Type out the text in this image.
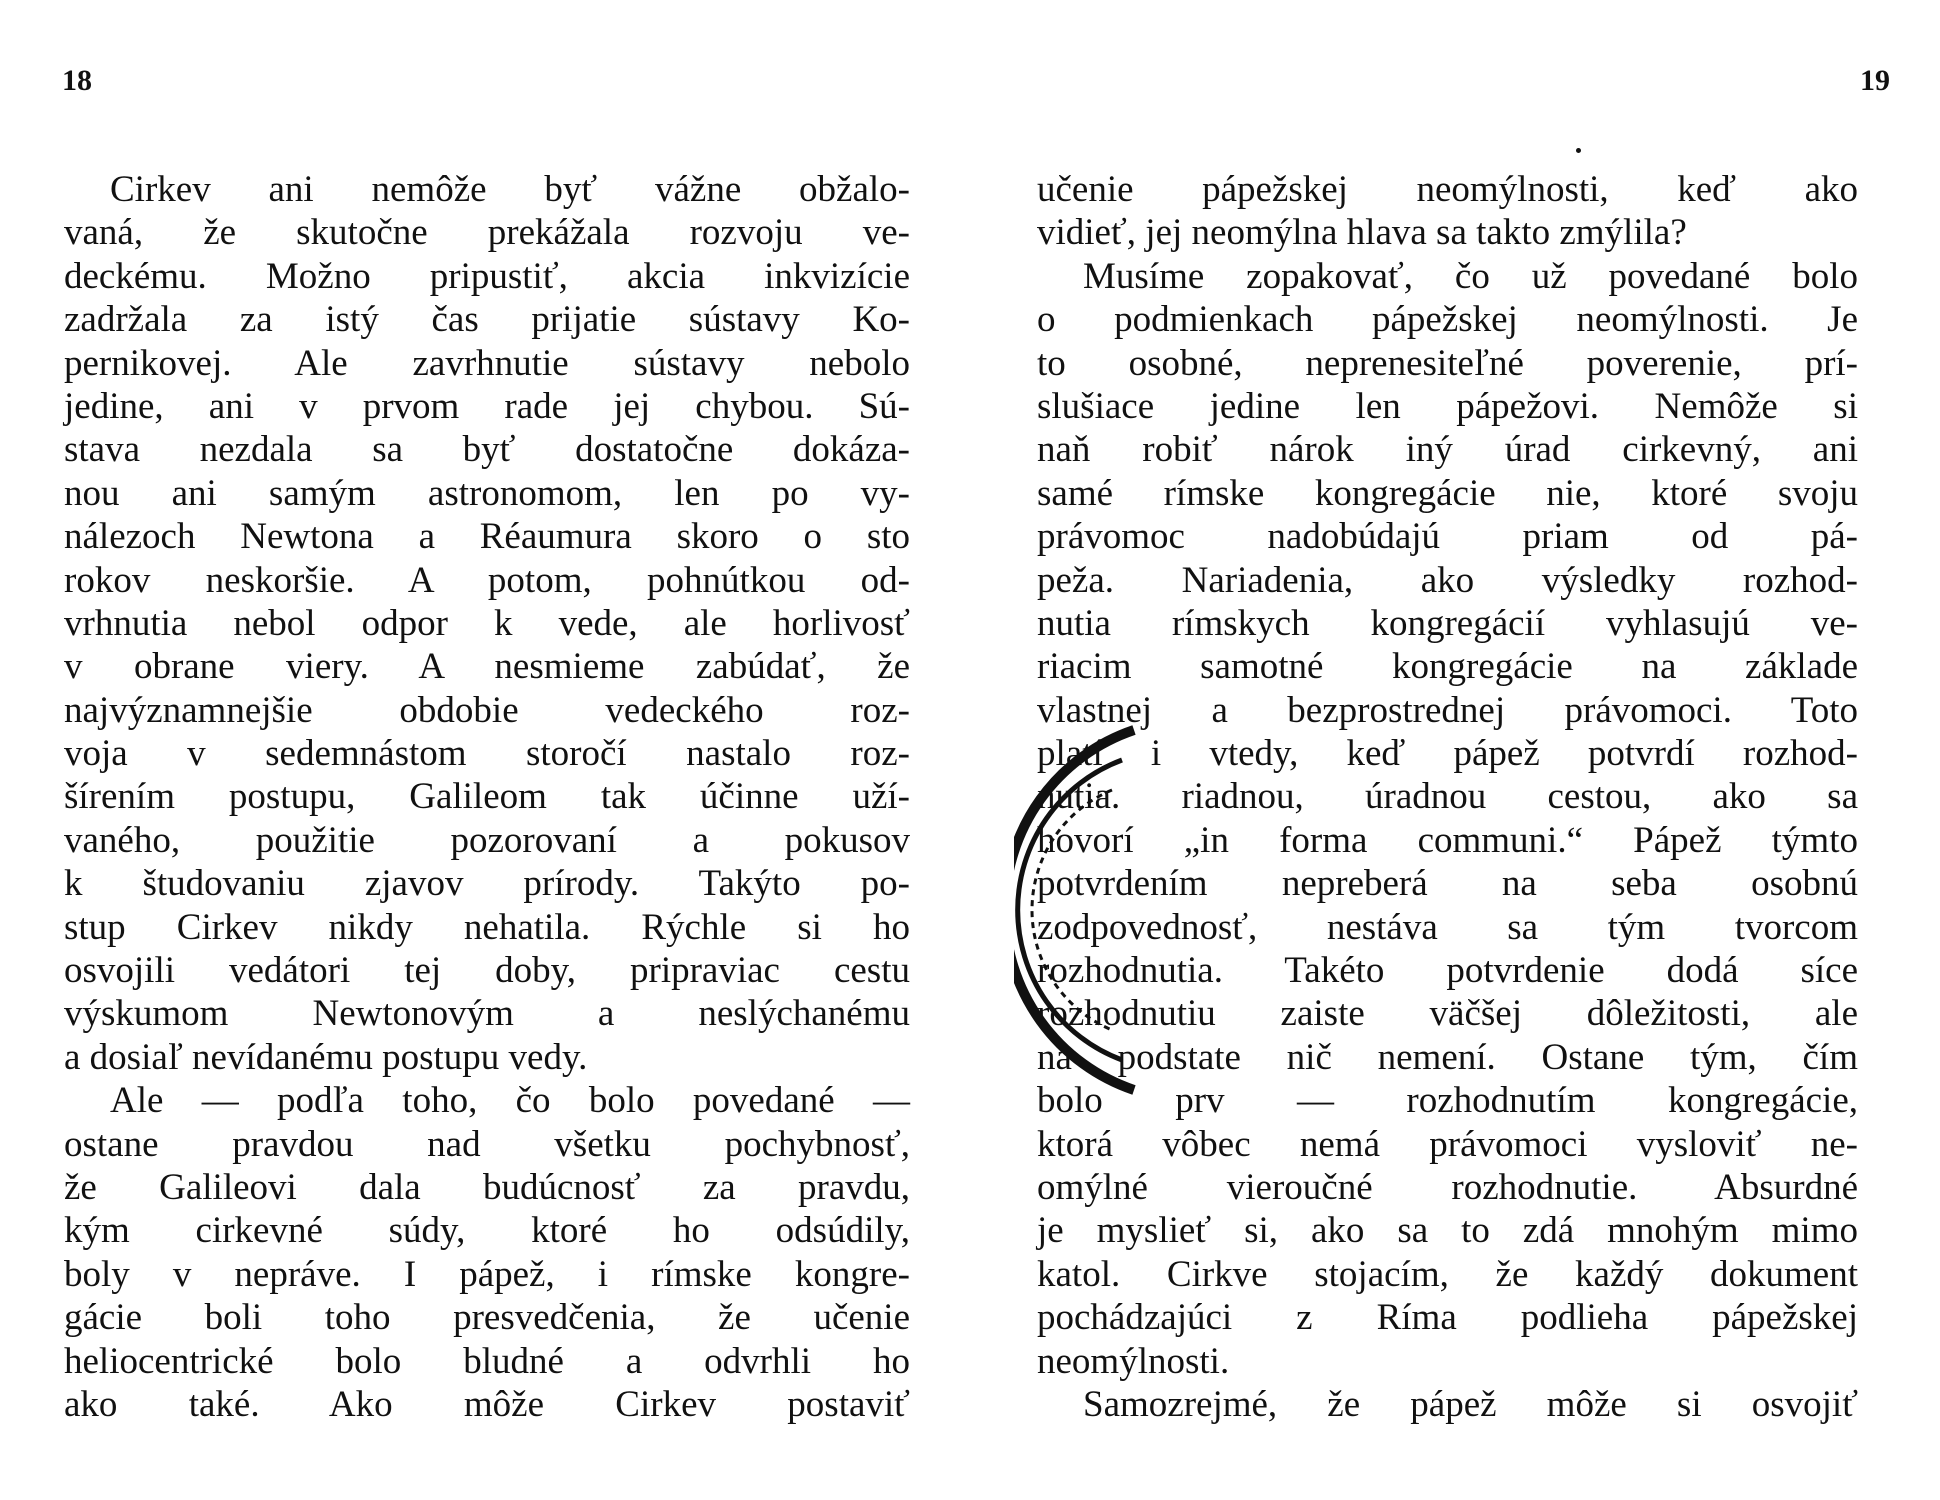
18
Cirkev ani nemôže byť vážne obžalo-
vaná, že skutočne prekážala rozvoju ve-
deckému. Možno pripustiť, akcia inkvizície
zadržala za istý čas prijatie sústavy Ko-
pernikovej. Ale zavrhnutie sústavy nebolo
jedine, ani v prvom rade jej chybou. Sú-
stava nezdala sa byť dostatočne dokáza-
nou ani samým astronomom, len po vy-
nálezoch Newtona a Réaumura skoro o sto
rokov neskoršie. A potom, pohnútkou od-
vrhnutia nebol odpor k vede, ale horlivosť
v obrane viery. A nesmieme zabúdať, že
najvýznamnejšie obdobie vedeckého roz-
voja v sedemnástom storočí nastalo roz-
šírením postupu, Galileom tak účinne uží-
vaného, použitie pozorovaní a pokusov
k študovaniu zjavov prírody. Takýto po-
stup Cirkev nikdy nehatila. Rýchle si ho
osvojili vedátori tej doby, pripraviac cestu
výskumom Newtonovým a neslýchanému
a dosiaľ nevídanému postupu vedy.
Ale — podľa toho, čo bolo povedané —
ostane pravdou nad všetku pochybnosť,
že Galileovi dala budúcnosť za pravdu,
kým cirkevné súdy, ktoré ho odsúdily,
boly v nepráve. I pápež, i rímske kongre-
gácie boli toho presvedčenia, že učenie
heliocentrické bolo bludné a odvrhli ho
ako také. Ako môže Cirkev postaviť
19
učenie pápežskej neomýlnosti, keď ako
vidieť, jej neomýlna hlava sa takto zmýlila?
Musíme zopakovať, čo už povedané bolo
o podmienkach pápežskej neomýlnosti. Je
to osobné, neprenesiteľné poverenie, prí-
slušiace jedine len pápežovi. Nemôže si
naň robiť nárok iný úrad cirkevný, ani
samé rímske kongregácie nie, ktoré svoju
právomoc nadobúdajú priam od pá-
peža. Nariadenia, ako výsledky rozhod-
nutia rímskych kongregácií vyhlasujú ve-
riacim samotné kongregácie na základe
vlastnej a bezprostrednej právomoci. Toto
platí i vtedy, keď pápež potvrdí rozhod-
nutia. riadnou, úradnou cestou, ako sa
hovorí „in forma communi.“ Pápež týmto
potvrdením nepreberá na seba osobnú
zodpovednosť, nestáva sa tým tvorcom
rozhodnutia. Takéto potvrdenie dodá síce
rozhodnutiu zaiste väčšej dôležitosti, ale
na podstate nič nemení. Ostane tým, čím
bolo prv — rozhodnutím kongregácie,
ktorá vôbec nemá právomoci vysloviť ne-
omýlné vieroučné rozhodnutie. Absurdné
je myslieť si, ako sa to zdá mnohým mimo
katol. Cirkve stojacím, že každý dokument
pochádzajúci z Ríma podlieha pápežskej
neomýlnosti.
Samozrejmé, že pápež môže si osvojiť
